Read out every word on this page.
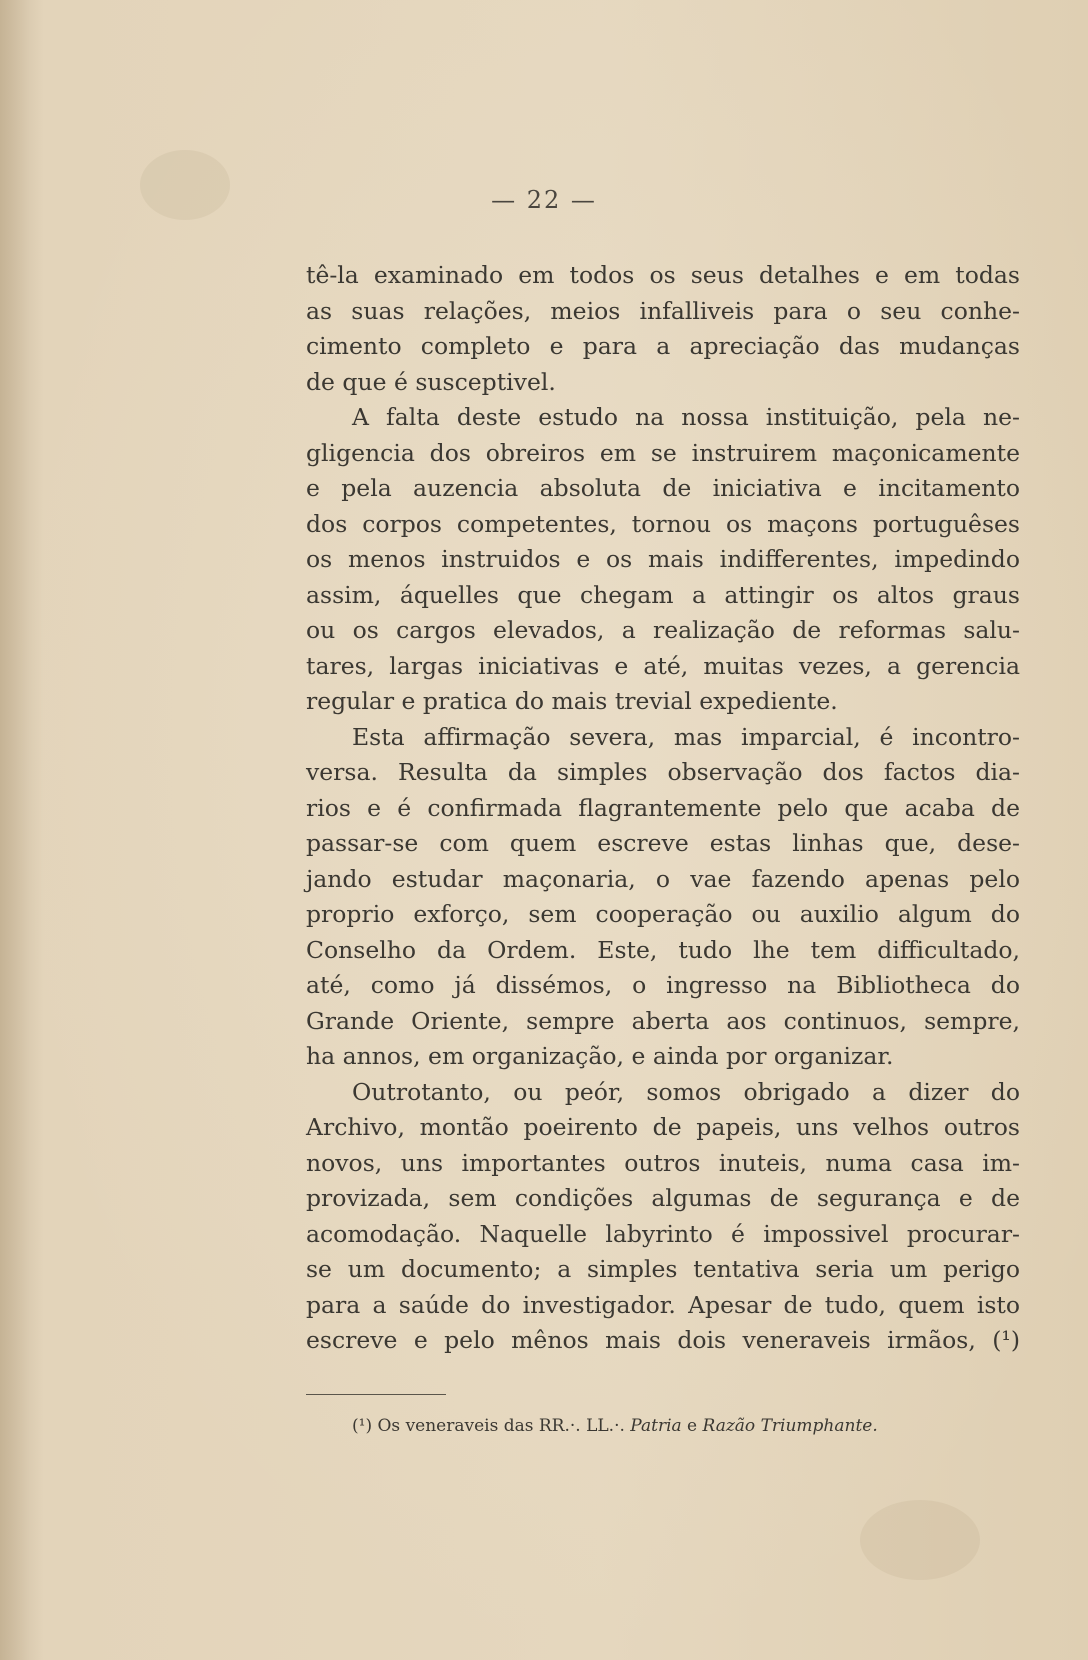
— 22 —
tê-la examinado em todos os seus detalhes e em todas
as suas relações, meios infalliveis para o seu conhe-
cimento completo e para a apreciação das mudanças
de que é susceptivel.
A falta deste estudo na nossa instituição, pela ne-
gligencia dos obreiros em se instruirem maçonicamente
e pela auzencia absoluta de iniciativa e incitamento
dos corpos competentes, tornou os maçons portuguêses
os menos instruidos e os mais indifferentes, impedindo
assim, áquelles que chegam a attingir os altos graus
ou os cargos elevados, a realização de reformas salu-
tares, largas iniciativas e até, muitas vezes, a gerencia
regular e pratica do mais trevial expediente.
Esta affirmação severa, mas imparcial, é incontro-
versa. Resulta da simples observação dos factos dia-
rios e é confirmada flagrantemente pelo que acaba de
passar-se com quem escreve estas linhas que, dese-
jando estudar maçonaria, o vae fazendo apenas pelo
proprio exforço, sem cooperação ou auxilio algum do
Conselho da Ordem. Este, tudo lhe tem difficultado,
até, como já dissémos, o ingresso na Bibliotheca do
Grande Oriente, sempre aberta aos continuos, sempre,
ha annos, em organização, e ainda por organizar.
Outrotanto, ou peór, somos obrigado a dizer do
Archivo, montão poeirento de papeis, uns velhos outros
novos, uns importantes outros inuteis, numa casa im-
provizada, sem condições algumas de segurança e de
acomodação. Naquelle labyrinto é impossivel procurar-
se um documento; a simples tentativa seria um perigo
para a saúde do investigador. Apesar de tudo, quem isto
escreve e pelo mênos mais dois veneraveis irmãos, (¹)
(¹) Os veneraveis das RR.·. LL.·. Patria e Razão Triumphante.
